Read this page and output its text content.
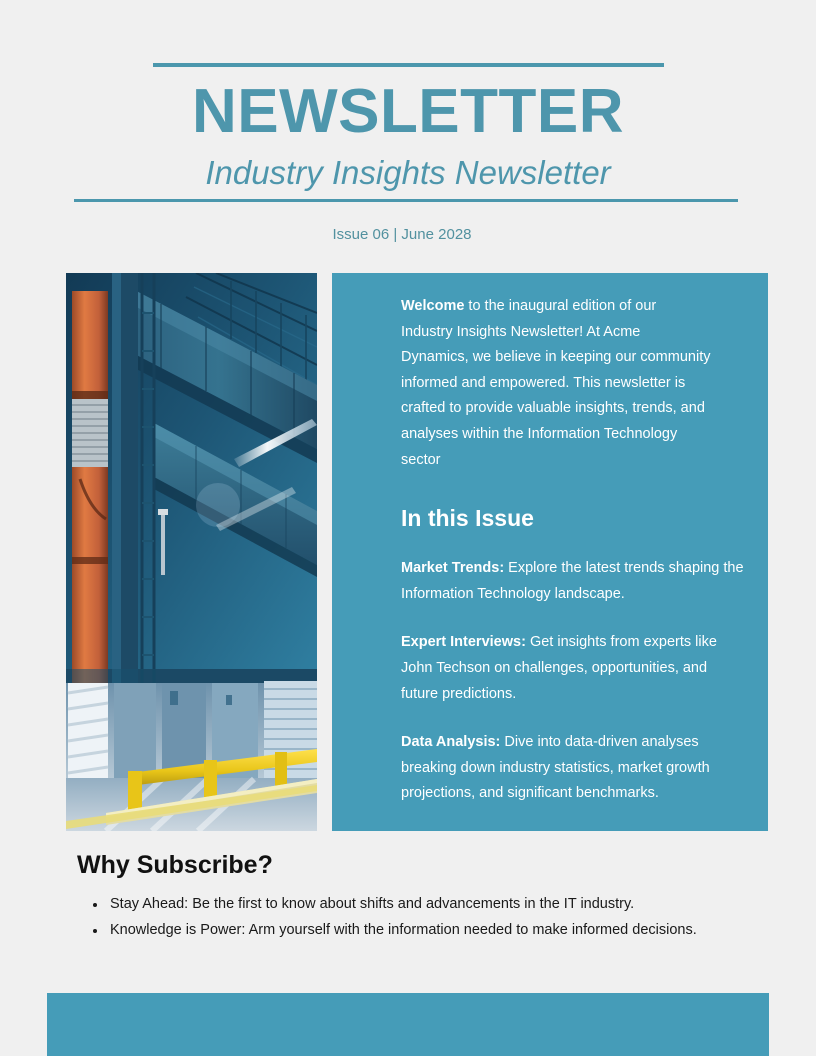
NEWSLETTER
Industry Insights Newsletter
Issue 06 | June 2028

Welcome to the inaugural edition of our Industry Insights Newsletter! At Acme Dynamics, we believe in keeping our community informed and empowered. This newsletter is crafted to provide valuable insights, trends, and analyses within the Information Technology sector

In this Issue

Market Trends: Explore the latest trends shaping the Information Technology landscape.

Expert Interviews: Get insights from experts like John Techson on challenges, opportunities, and future predictions.

Data Analysis: Dive into data-driven analyses breaking down industry statistics, market growth projections, and significant benchmarks.

Why Subscribe?
Stay Ahead: Be the first to know about shifts and advancements in the IT industry.
Knowledge is Power: Arm yourself with the information needed to make informed decisions.
